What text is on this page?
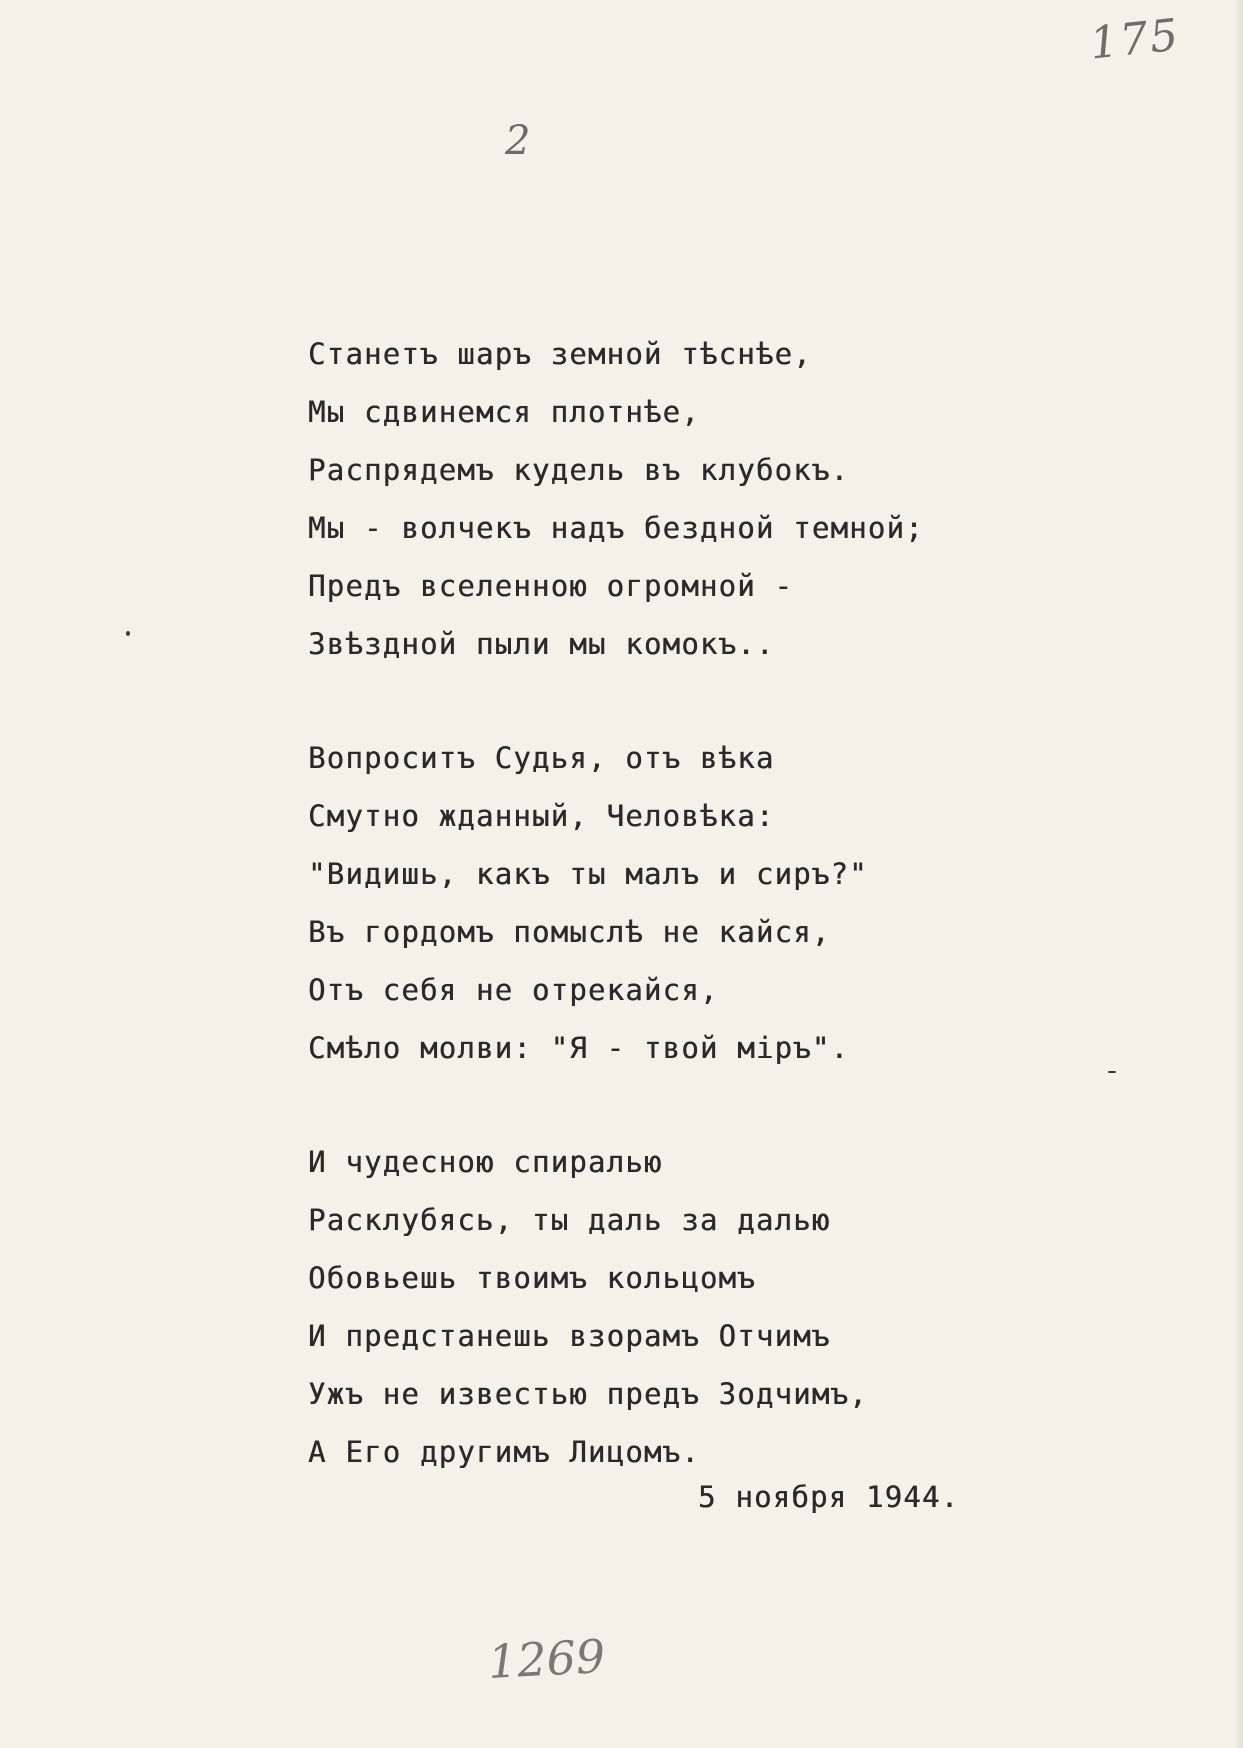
175
2
Станетъ шаръ земной тѣснѣе,
Мы сдвинемся плотнѣе,
Распрядемъ кудель въ клубокъ.
Мы - волчекъ надъ бездной темной;
Предъ вселенною огромной -
Звѣздной пыли мы комокъ..
Вопроситъ Судья, отъ вѣка
Смутно жданный, Человѣка:
"Видишь, какъ ты малъ и сиръ?"
Въ гордомъ помыслѣ не кайся,
Отъ себя не отрекайся,
Смѣло молви: "Я - твой міръ".
И чудесною спиралью
Расклубясь, ты даль за далью
Обовьешь твоимъ кольцомъ
И предстанешь взорамъ Отчимъ
Ужъ не известью предъ Зодчимъ,
А Его другимъ Лицомъ.
5 ноября 1944.
1269
